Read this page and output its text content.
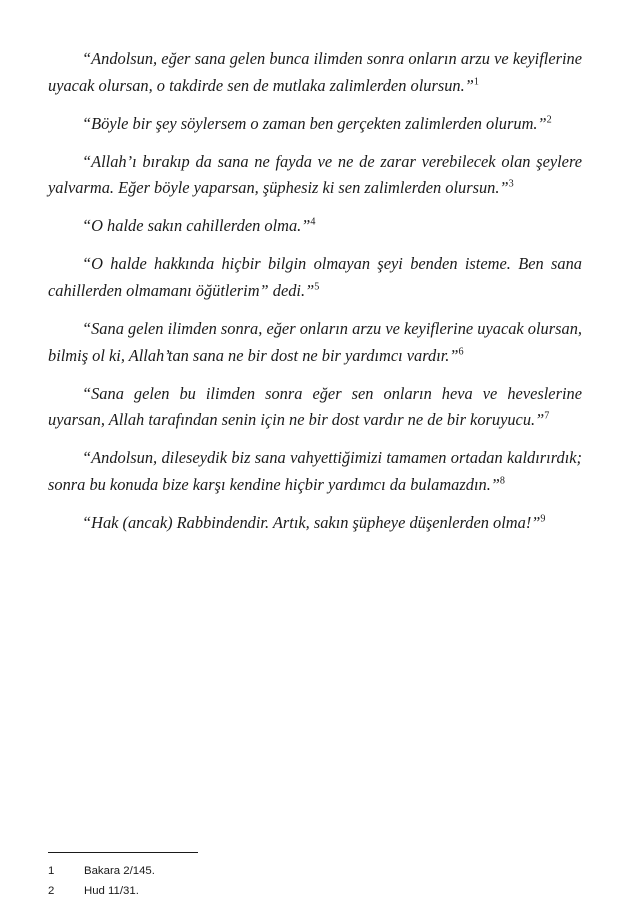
“Andolsun, eğer sana gelen bunca ilimden sonra onların arzu ve keyiflerine uyacak olursan, o takdirde sen de mutlaka zalimlerden olursun.”$^1$

“Böyle bir şey söylersem o zaman ben gerçekten zalimlerden olurum.”$^2$

“Allah’ı bırakıp da sana ne fayda ve ne de zarar verebilecek olan şeylere yalvarma. Eğer böyle yaparsan, şüphesiz ki sen zalimlerden olursun.”$^3$

“O halde sakın cahillerden olma.”$^4$

“O halde hakkında hiçbir bilgin olmayan şeyi benden isteme. Ben sana cahillerden olmamanı öğütlerim” dedi.”$^5$

“Sana gelen ilimden sonra, eğer onların arzu ve keyiflerine uyacak olursan, bilmiş ol ki, Allah’tan sana ne bir dost ne bir yardımcı vardır.”$^6$

“Sana gelen bu ilimden sonra eğer sen onların heva ve heveslerine uyarsan, Allah tarafından senin için ne bir dost vardır ne de bir koruyucu.”$^7$

“Andolsun, dileseydik biz sana vahyettiğimizi tamamen ortadan kaldırırdık; sonra bu konuda bize karşı kendine hiçbir yardımcı da bulamazdın.”$^8$

“Hak (ancak) Rabbindendir. Artık, sakın şüpheye düşenlerden olma!”$^9$

1	Bakara 2/145.
2	Hud 11/31.
